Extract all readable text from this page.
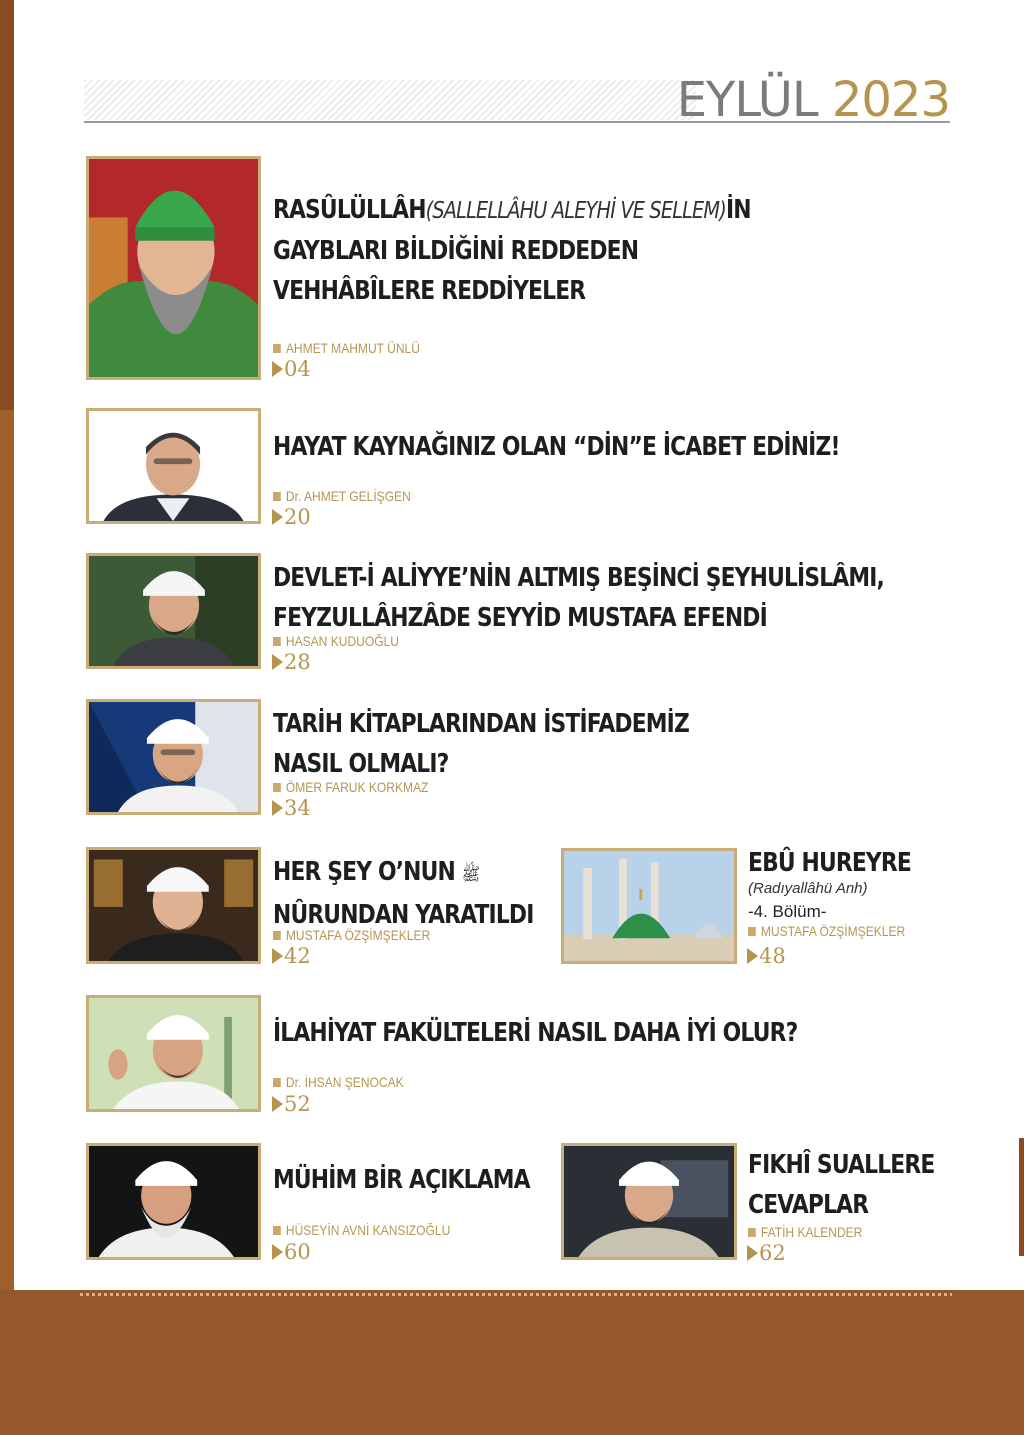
EYLÜL 2023
RASÛLÜLLÂH(SALLELLÂHU ALEYHİ VE SELLEM)İN
GAYBLARI BİLDİĞİNİ REDDEDEN
VEHHÂBÎLERE REDDİYELER
AHMET MAHMUT ÜNLÜ
04
HAYAT KAYNAĞINIZ OLAN “DİN”E İCABET EDİNİZ!
Dr. AHMET GELİŞGEN
20
DEVLET-İ ALİYYE’NİN ALTMIŞ BEŞİNCİ ŞEYHULİSLÂMI,
FEYZULLÂHZÂDE SEYYİD MUSTAFA EFENDİ
HASAN KUDUOĞLU
28
TARİH KİTAPLARINDAN İSTİFADEMİZ
NASIL OLMALI?
ÖMER FARUK KORKMAZ
34
HER ŞEY O’NUN ﷺ
NÛRUNDAN YARATILDI
MUSTAFA ÖZŞİMŞEKLER
42
EBÛ HUREYRE
(Radıyallâhü Anh)
-4. Bölüm-
MUSTAFA ÖZŞİMŞEKLER
48
İLAHİYAT FAKÜLTELERİ NASIL DAHA İYİ OLUR?
Dr. İHSAN ŞENOCAK
52
MÜHİM BİR AÇIKLAMA
HÜSEYİN AVNİ KANSIZOĞLU
60
FIKHÎ SUALLERE
CEVAPLAR
FATİH KALENDER
62
